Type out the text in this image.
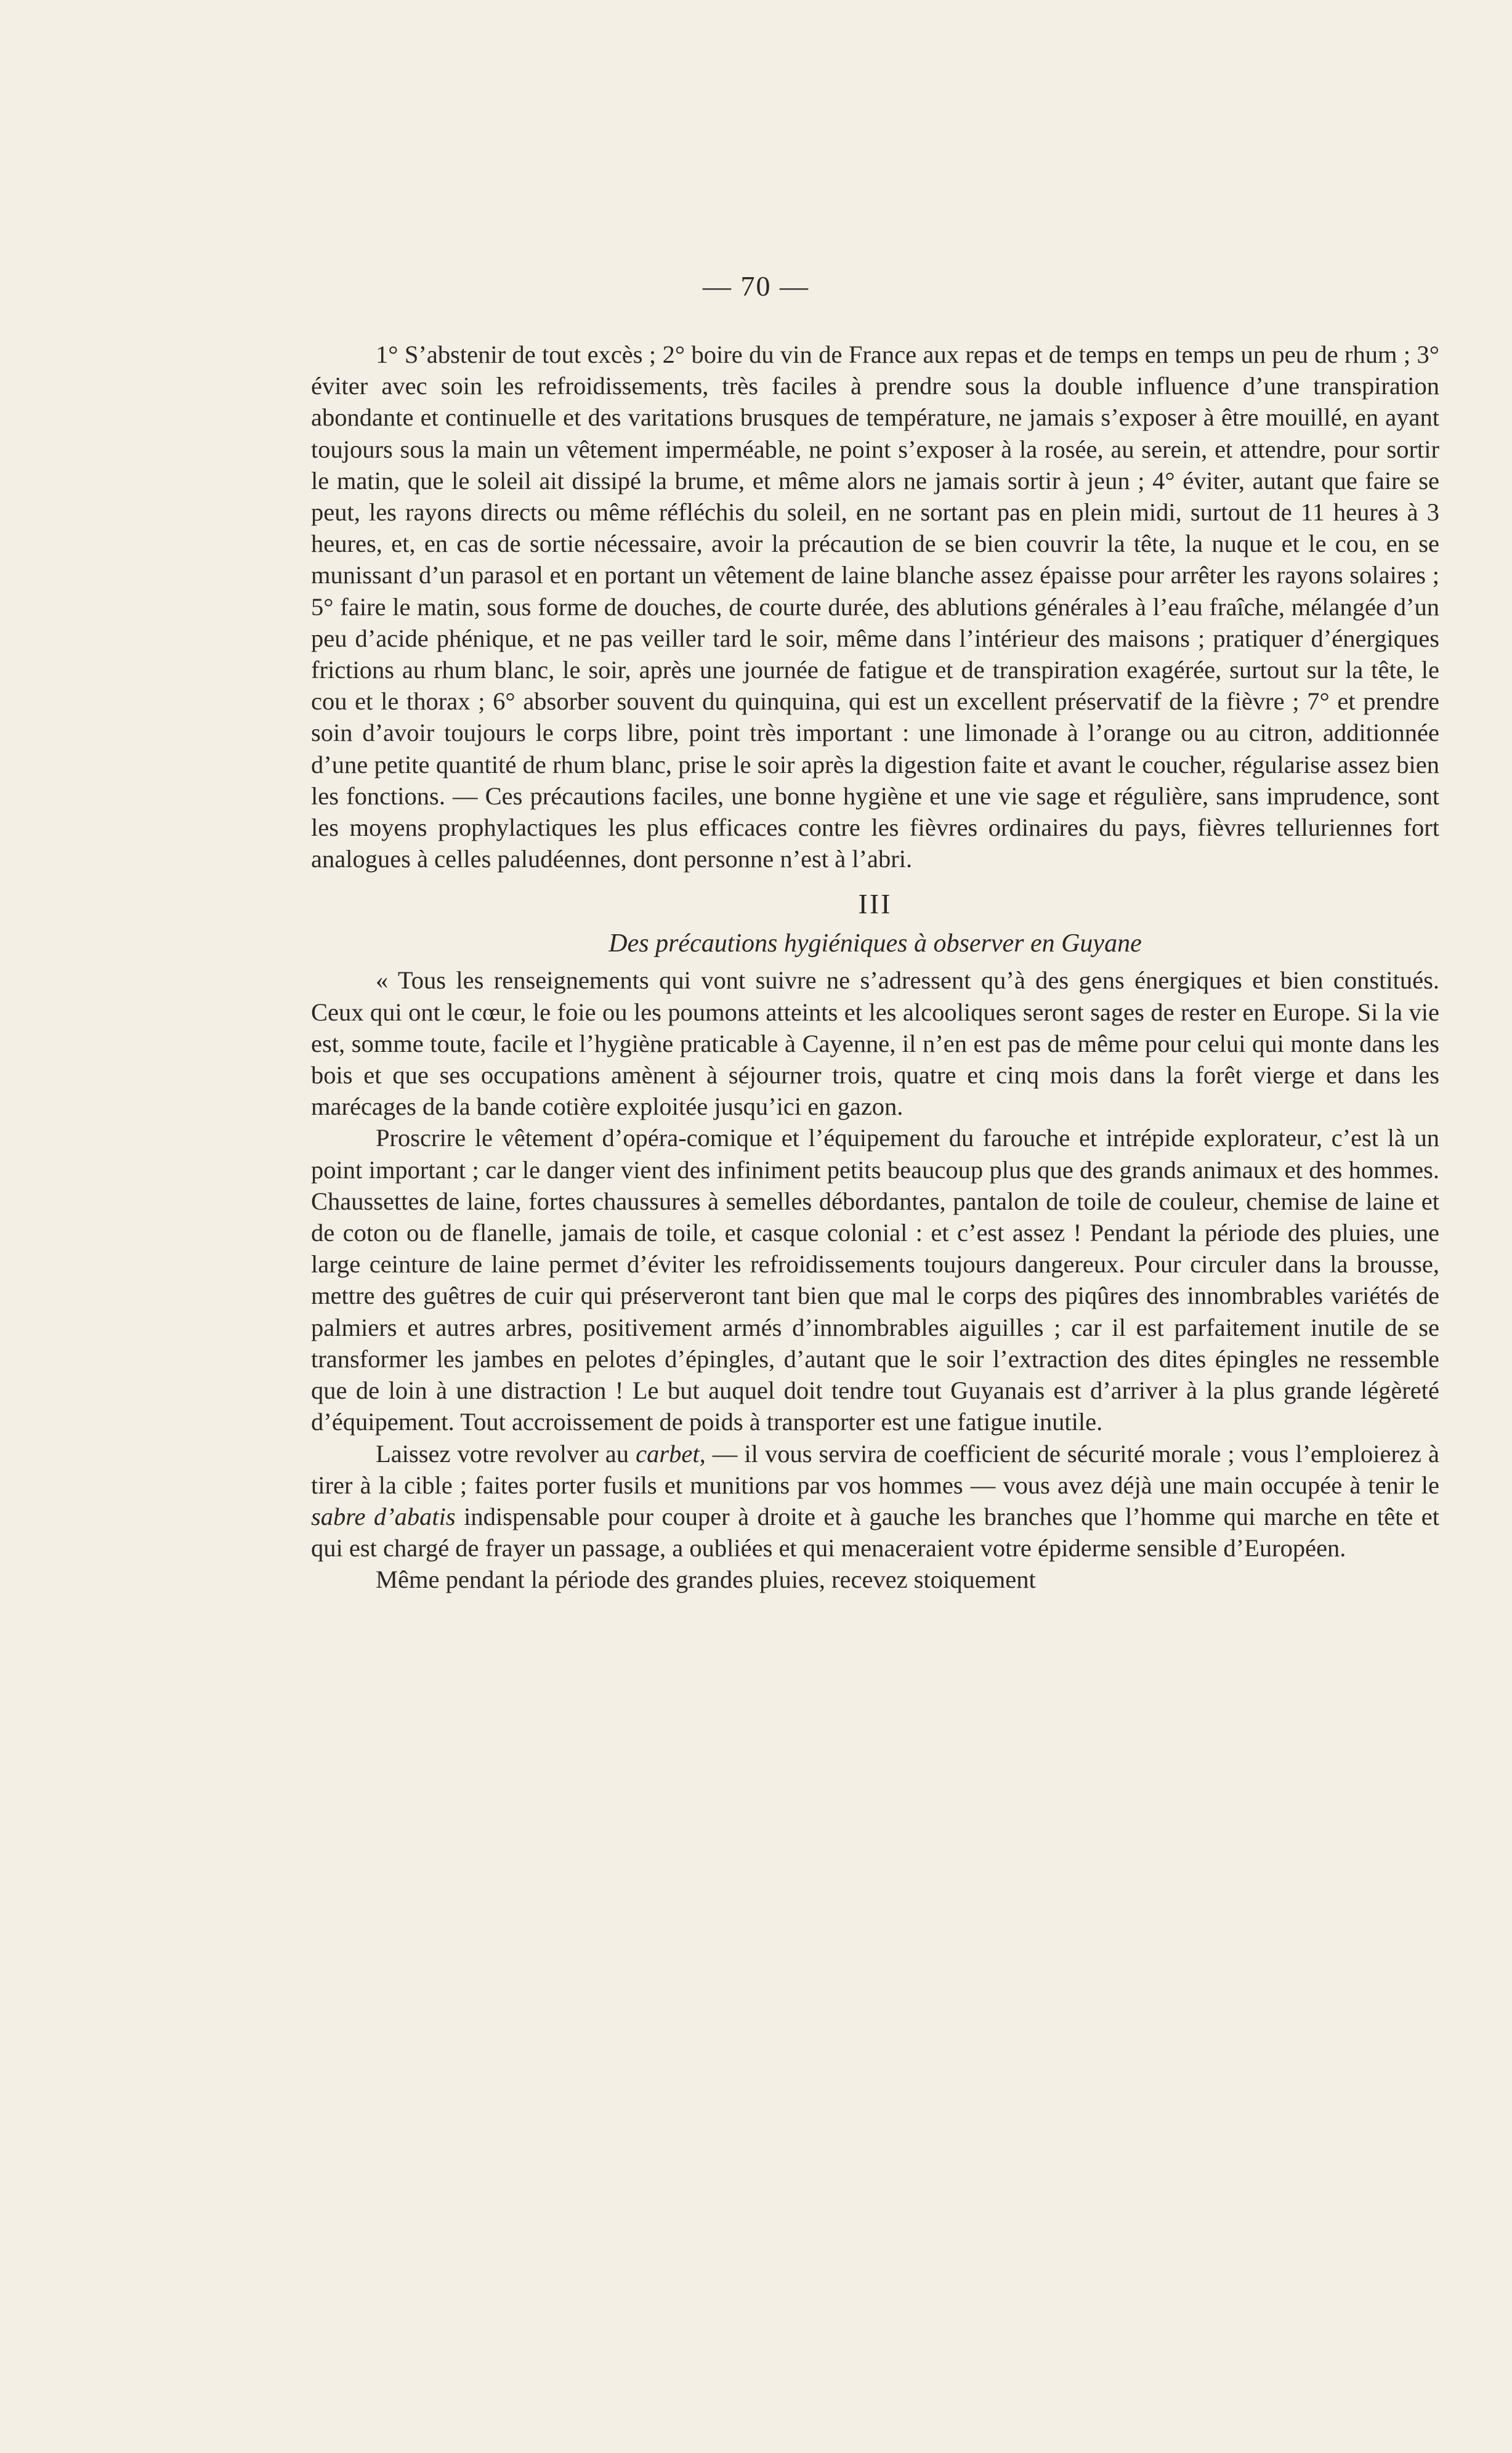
— 70 —

1° S’abstenir de tout excès ; 2° boire du vin de France aux repas et de temps en temps un peu de rhum ; 3° éviter avec soin les refroidissements, très faciles à prendre sous la double influence d’une transpiration abondante et continuelle et des varitations brusques de température, ne jamais s’exposer à être mouillé, en ayant toujours sous la main un vêtement imperméable, ne point s’exposer à la rosée, au serein, et attendre, pour sortir le matin, que le soleil ait dissipé la brume, et même alors ne jamais sortir à jeun ; 4° éviter, autant que faire se peut, les rayons directs ou même réfléchis du soleil, en ne sortant pas en plein midi, surtout de 11 heures à 3 heures, et, en cas de sortie nécessaire, avoir la précaution de se bien couvrir la tête, la nuque et le cou, en se munissant d’un parasol et en portant un vêtement de laine blanche assez épaisse pour arrêter les rayons solaires ; 5° faire le matin, sous forme de douches, de courte durée, des ablutions générales à l’eau fraîche, mélangée d’un peu d’acide phénique, et ne pas veiller tard le soir, même dans l’intérieur des maisons ; pratiquer d’énergiques frictions au rhum blanc, le soir, après une journée de fatigue et de transpiration exagérée, surtout sur la tête, le cou et le thorax ; 6° absorber souvent du quinquina, qui est un excellent préservatif de la fièvre ; 7° et prendre soin d’avoir toujours le corps libre, point très important : une limonade à l’orange ou au citron, additionnée d’une petite quantité de rhum blanc, prise le soir après la digestion faite et avant le coucher, régularise assez bien les fonctions. — Ces précautions faciles, une bonne hygiène et une vie sage et régulière, sans imprudence, sont les moyens prophylactiques les plus efficaces contre les fièvres ordinaires du pays, fièvres telluriennes fort analogues à celles paludéennes, dont personne n’est à l’abri.

III
Des précautions hygiéniques à observer en Guyane

« Tous les renseignements qui vont suivre ne s’adressent qu’à des gens énergiques et bien constitués. Ceux qui ont le cœur, le foie ou les poumons atteints et les alcooliques seront sages de rester en Europe. Si la vie est, somme toute, facile et l’hygiène praticable à Cayenne, il n’en est pas de même pour celui qui monte dans les bois et que ses occupations amènent à séjourner trois, quatre et cinq mois dans la forêt vierge et dans les marécages de la bande cotière exploitée jusqu’ici en gazon.

Proscrire le vêtement d’opéra-comique et l’équipement du farouche et intrépide explorateur, c’est là un point important ; car le danger vient des infiniment petits beaucoup plus que des grands animaux et des hommes. Chaussettes de laine, fortes chaussures à semelles débordantes, pantalon de toile de couleur, chemise de laine et de coton ou de flanelle, jamais de toile, et casque colonial : et c’est assez ! Pendant la période des pluies, une large ceinture de laine permet d’éviter les refroidissements toujours dangereux. Pour circuler dans la brousse, mettre des guêtres de cuir qui préserveront tant bien que mal le corps des piqûres des innombrables variétés de palmiers et autres arbres, positivement armés d’innombrables aiguilles ; car il est parfaitement inutile de se transformer les jambes en pelotes d’épingles, d’autant que le soir l’extraction des dites épingles ne ressemble que de loin à une distraction ! Le but auquel doit tendre tout Guyanais est d’arriver à la plus grande légèreté d’équipement. Tout accroissement de poids à transporter est une fatigue inutile.

Laissez votre revolver au carbet, — il vous servira de coefficient de sécurité morale ; vous l’emploierez à tirer à la cible ; faites porter fusils et munitions par vos hommes — vous avez déjà une main occupée à tenir le sabre d’abatis indispensable pour couper à droite et à gauche les branches que l’homme qui marche en tête et qui est chargé de frayer un passage, a oubliées et qui menaceraient votre épiderme sensible d’Européen.

Même pendant la période des grandes pluies, recevez stoiquement
